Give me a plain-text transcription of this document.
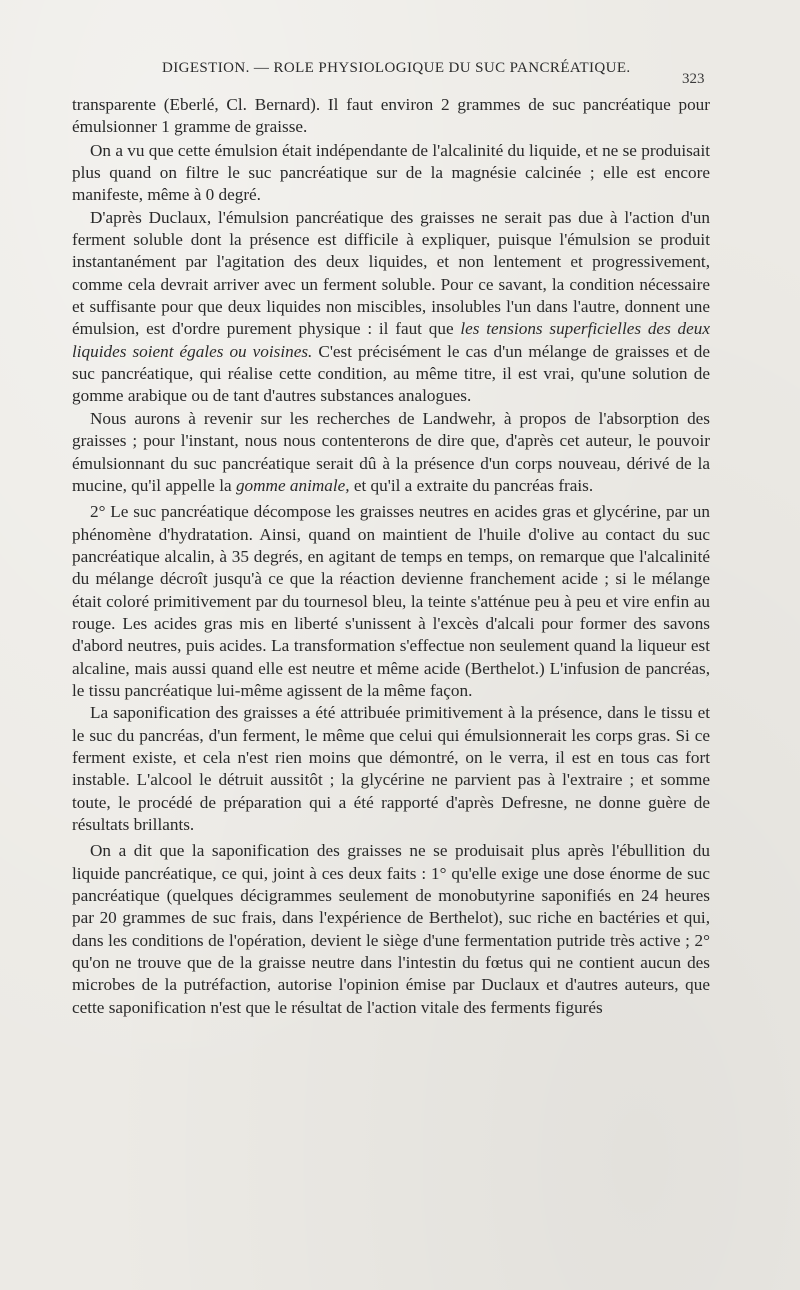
DIGESTION. — ROLE PHYSIOLOGIQUE DU SUC PANCRÉATIQUE.
323

transparente (Eberlé, Cl. Bernard). Il faut environ 2 grammes de suc pancréatique pour émulsionner 1 gramme de graisse.

On a vu que cette émulsion était indépendante de l'alcalinité du liquide, et ne se produisait plus quand on filtre le suc pancréatique sur de la magnésie calcinée ; elle est encore manifeste, même à 0 degré.

D'après Duclaux, l'émulsion pancréatique des graisses ne serait pas due à l'action d'un ferment soluble dont la présence est difficile à expliquer, puisque l'émulsion se produit instantanément par l'agitation des deux liquides, et non lentement et progressivement, comme cela devrait arriver avec un ferment soluble. Pour ce savant, la condition nécessaire et suffisante pour que deux liquides non miscibles, insolubles l'un dans l'autre, donnent une émulsion, est d'ordre purement physique : il faut que les tensions superficielles des deux liquides soient égales ou voisines. C'est précisément le cas d'un mélange de graisses et de suc pancréatique, qui réalise cette condition, au même titre, il est vrai, qu'une solution de gomme arabique ou de tant d'autres substances analogues.

Nous aurons à revenir sur les recherches de Landwehr, à propos de l'absorption des graisses ; pour l'instant, nous nous contenterons de dire que, d'après cet auteur, le pouvoir émulsionnant du suc pancréatique serait dû à la présence d'un corps nouveau, dérivé de la mucine, qu'il appelle la gomme animale, et qu'il a extraite du pancréas frais.

2° Le suc pancréatique décompose les graisses neutres en acides gras et glycérine, par un phénomène d'hydratation. Ainsi, quand on maintient de l'huile d'olive au contact du suc pancréatique alcalin, à 35 degrés, en agitant de temps en temps, on remarque que l'alcalinité du mélange décroît jusqu'à ce que la réaction devienne franchement acide ; si le mélange était coloré primitivement par du tournesol bleu, la teinte s'atténue peu à peu et vire enfin au rouge. Les acides gras mis en liberté s'unissent à l'excès d'alcali pour former des savons d'abord neutres, puis acides. La transformation s'effectue non seulement quand la liqueur est alcaline, mais aussi quand elle est neutre et même acide (Berthelot.) L'infusion de pancréas, le tissu pancréatique lui-même agissent de la même façon.

La saponification des graisses a été attribuée primitivement à la présence, dans le tissu et le suc du pancréas, d'un ferment, le même que celui qui émulsionnerait les corps gras. Si ce ferment existe, et cela n'est rien moins que démontré, on le verra, il est en tous cas fort instable. L'alcool le détruit aussitôt ; la glycérine ne parvient pas à l'extraire ; et somme toute, le procédé de préparation qui a été rapporté d'après Defresne, ne donne guère de résultats brillants.

On a dit que la saponification des graisses ne se produisait plus après l'ébullition du liquide pancréatique, ce qui, joint à ces deux faits : 1° qu'elle exige une dose énorme de suc pancréatique (quelques décigrammes seulement de monobutyrine saponifiés en 24 heures par 20 grammes de suc frais, dans l'expérience de Berthelot), suc riche en bactéries et qui, dans les conditions de l'opération, devient le siège d'une fermentation putride très active ; 2° qu'on ne trouve que de la graisse neutre dans l'intestin du fœtus qui ne contient aucun des microbes de la putréfaction, autorise l'opinion émise par Duclaux et d'autres auteurs, que cette saponification n'est que le résultat de l'action vitale des ferments figurés
